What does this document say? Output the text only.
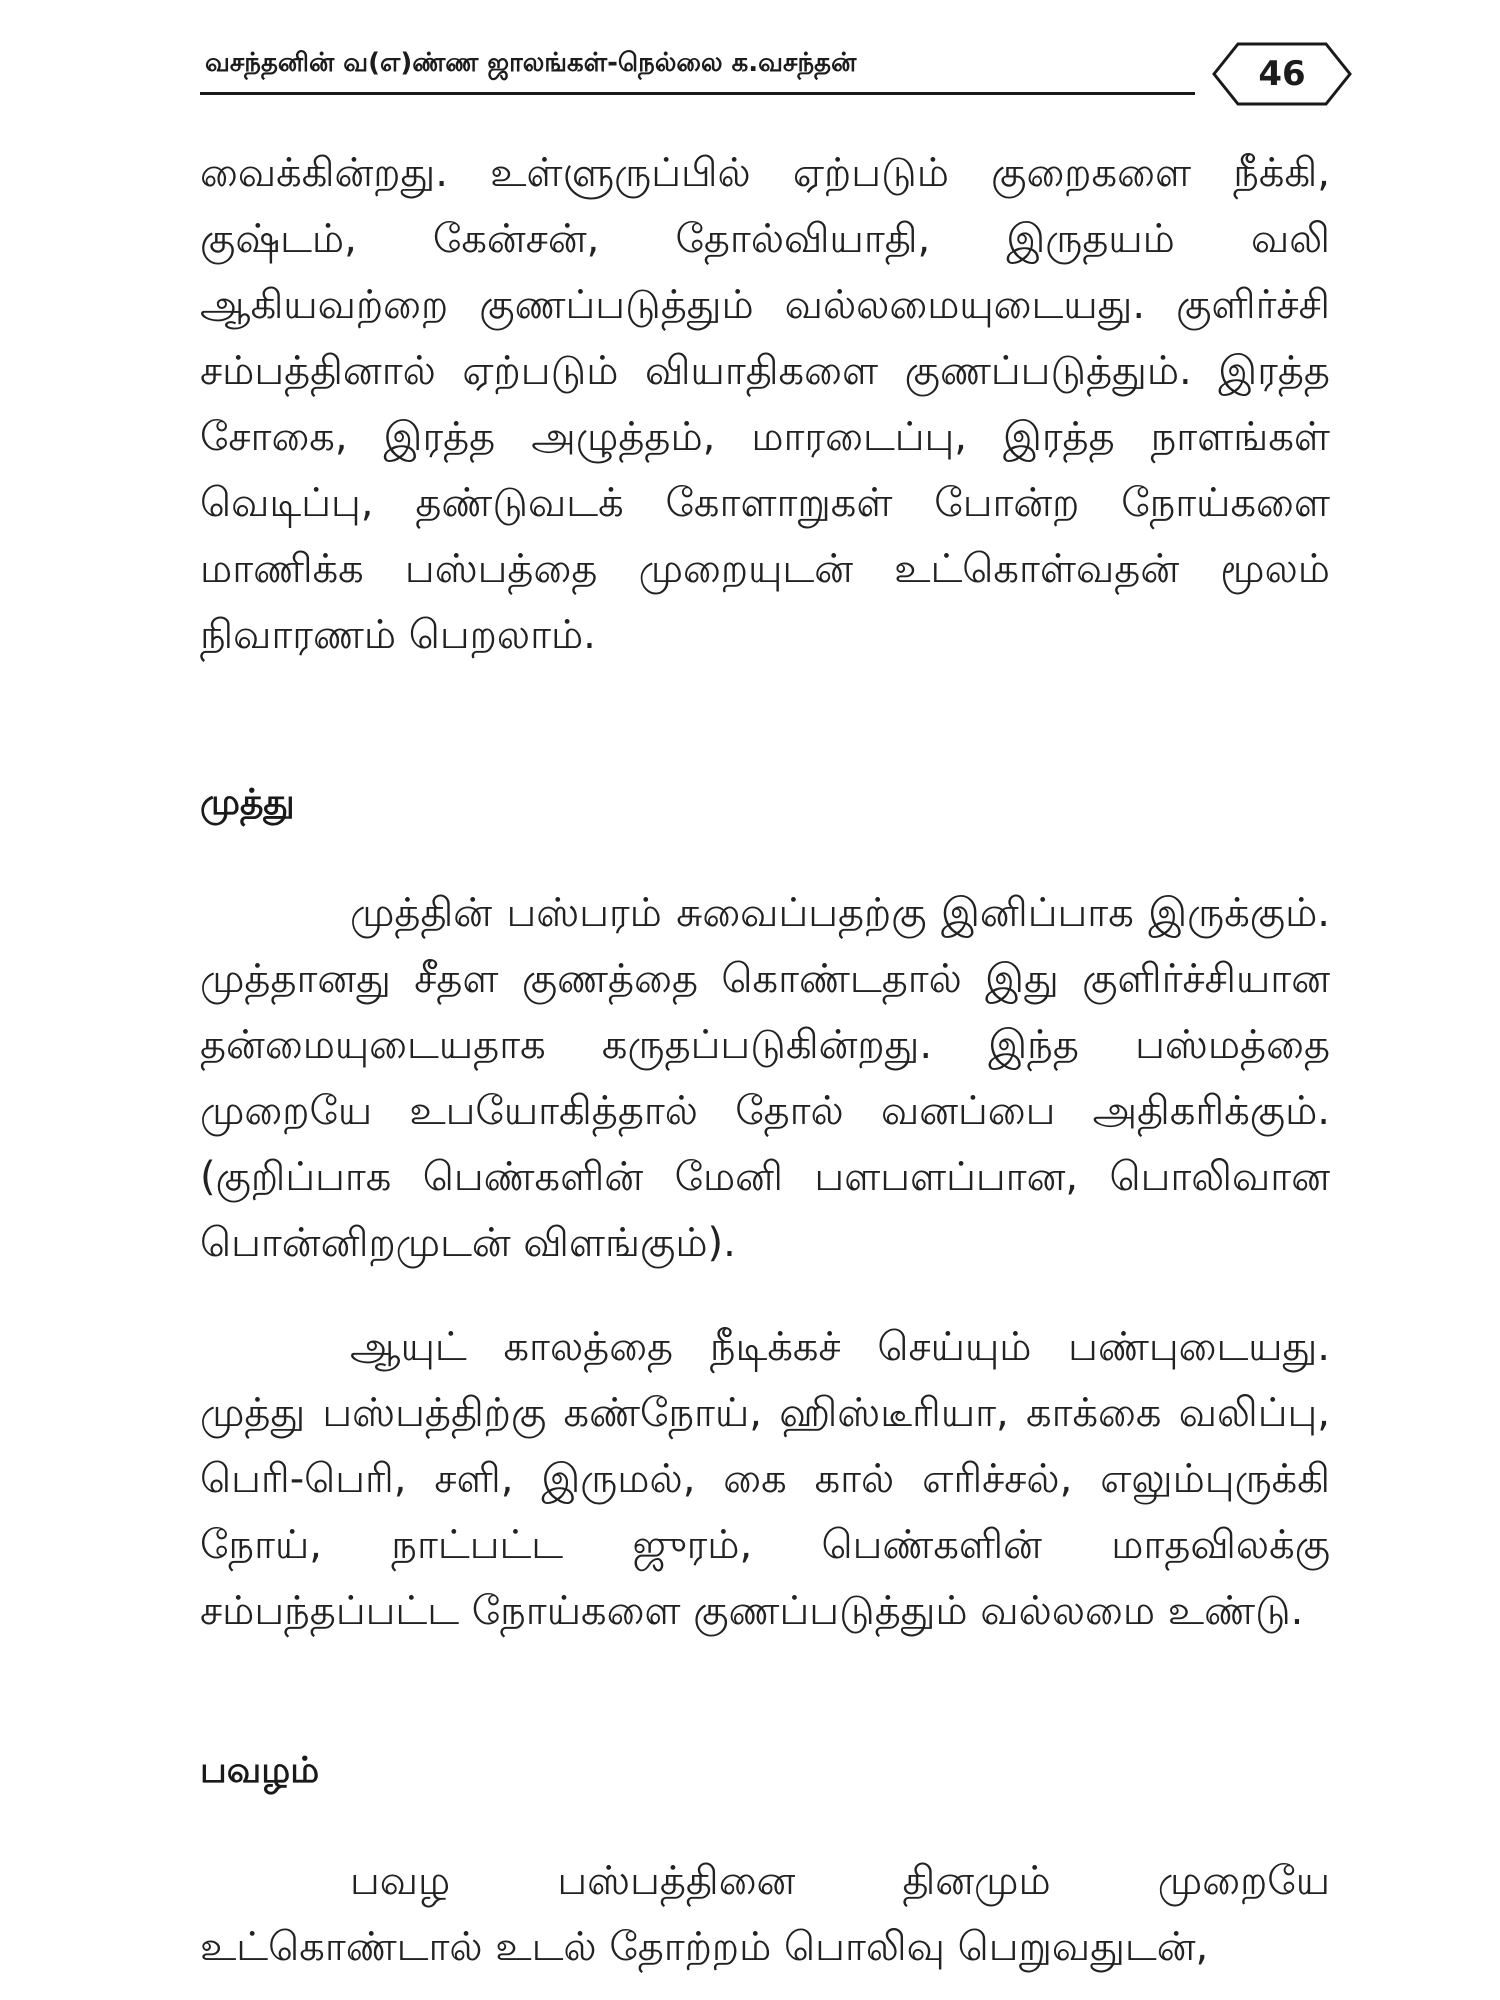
வசந்தனின் வ(எ)ண்ண ஜாலங்கள்-நெல்லை க.வசந்தன்	46
வைக்கின்றது. உள்ளுருப்பில் ஏற்படும் குறைகளை நீக்கி, குஷ்டம், கேன்சன், தோல்வியாதி, இருதயம் வலி ஆகியவற்றை குணப்படுத்தும் வல்லமையுடையது. குளிர்ச்சி சம்பத்தினால் ஏற்படும் வியாதிகளை குணப்படுத்தும். இரத்த சோகை, இரத்த அழுத்தம், மாரடைப்பு, இரத்த நாளங்கள் வெடிப்பு, தண்டுவடக் கோளாறுகள் போன்ற நோய்களை மாணிக்க பஸ்பத்தை முறையுடன் உட்கொள்வதன் மூலம் நிவாரணம் பெறலாம்.
முத்து
முத்தின் பஸ்பரம் சுவைப்பதற்கு இனிப்பாக இருக்கும். முத்தானது சீதள குணத்தை கொண்டதால் இது குளிர்ச்சியான தன்மையுடையதாக கருதப்படுகின்றது. இந்த பஸ்மத்தை முறையே உபயோகித்தால் தோல் வனப்பை அதிகரிக்கும். (குறிப்பாக பெண்களின் மேனி பளபளப்பான, பொலிவான பொன்னிறமுடன் விளங்கும்).
ஆயுட் காலத்தை நீடிக்கச் செய்யும் பண்புடையது. முத்து பஸ்பத்திற்கு கண்நோய், ஹிஸ்டீரியா, காக்கை வலிப்பு, பெரி-பெரி, சளி, இருமல், கை கால் எரிச்சல், எலும்புருக்கி நோய், நாட்பட்ட ஜுரம், பெண்களின் மாதவிலக்கு சம்பந்தப்பட்ட நோய்களை குணப்படுத்தும் வல்லமை உண்டு.
பவழம்
பவழ பஸ்பத்தினை தினமும் முறையே உட்கொண்டால் உடல் தோற்றம் பொலிவு பெறுவதுடன்,
